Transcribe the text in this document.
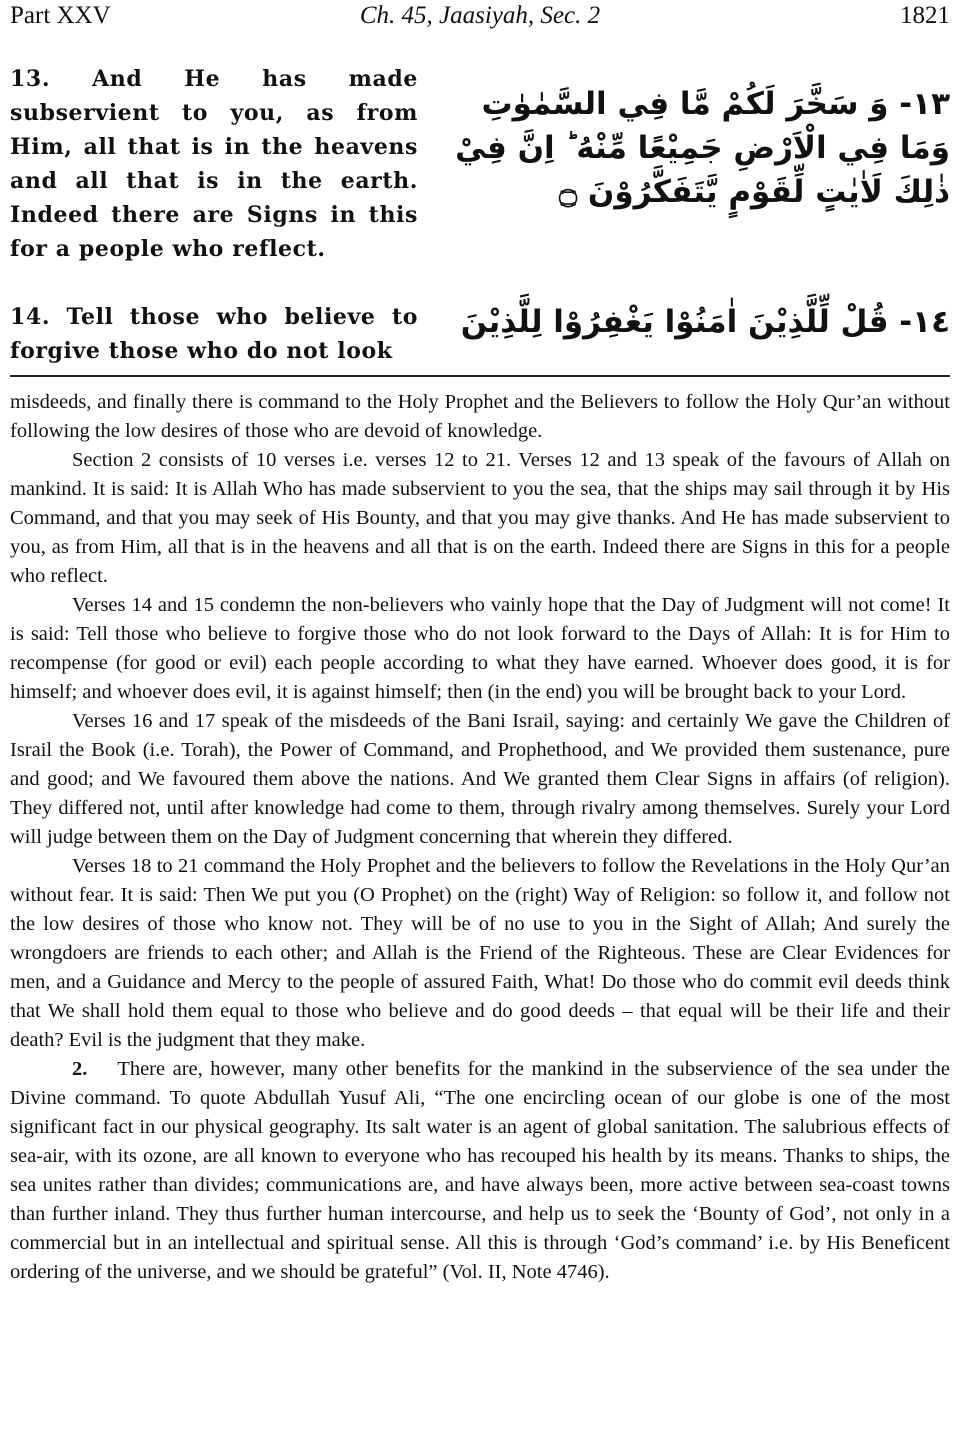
Part XXV	Ch. 45, Jaasiyah, Sec. 2	1821
13. And He has made subservient to you, as from Him, all that is in the heavens and all that is in the earth. Indeed there are Signs in this for a people who reflect.
١٣- وَ سَخَّرَ لَكُمْ مَّا فِي السَّمٰوٰتِ وَمَا فِي الْاَرْضِ جَمِيْعًا مِّنْهُ ؕ اِنَّ فِيْ ذٰلِكَ لَاٰيٰتٍ لِّقَوْمٍ يَّتَفَكَّرُوْنَ ۝
14. Tell those who believe to forgive those who do not look
١٤- قُلْ لِّلَّذِيْنَ اٰمَنُوْا يَغْفِرُوْا لِلَّذِيْنَ

misdeeds, and finally there is command to the Holy Prophet and the Believers to follow the Holy Qur’an without following the low desires of those who are devoid of knowledge.

Section 2 consists of 10 verses i.e. verses 12 to 21. Verses 12 and 13 speak of the favours of Allah on mankind. It is said: It is Allah Who has made subservient to you the sea, that the ships may sail through it by His Command, and that you may seek of His Bounty, and that you may give thanks. And He has made subservient to you, as from Him, all that is in the heavens and all that is on the earth. Indeed there are Signs in this for a people who reflect.

Verses 14 and 15 condemn the non-believers who vainly hope that the Day of Judgment will not come! It is said: Tell those who believe to forgive those who do not look forward to the Days of Allah: It is for Him to recompense (for good or evil) each people according to what they have earned. Whoever does good, it is for himself; and whoever does evil, it is against himself; then (in the end) you will be brought back to your Lord.

Verses 16 and 17 speak of the misdeeds of the Bani Israil, saying: and certainly We gave the Children of Israil the Book (i.e. Torah), the Power of Command, and Prophethood, and We provided them sustenance, pure and good; and We favoured them above the nations. And We granted them Clear Signs in affairs (of religion). They differed not, until after knowledge had come to them, through rivalry among themselves. Surely your Lord will judge between them on the Day of Judgment concerning that wherein they differed.

Verses 18 to 21 command the Holy Prophet and the believers to follow the Revelations in the Holy Qur’an without fear. It is said: Then We put you (O Prophet) on the (right) Way of Religion: so follow it, and follow not the low desires of those who know not. They will be of no use to you in the Sight of Allah; And surely the wrongdoers are friends to each other; and Allah is the Friend of the Righteous. These are Clear Evidences for men, and a Guidance and Mercy to the people of assured Faith, What! Do those who do commit evil deeds think that We shall hold them equal to those who believe and do good deeds – that equal will be their life and their death? Evil is the judgment that they make.

2. There are, however, many other benefits for the mankind in the subservience of the sea under the Divine command. To quote Abdullah Yusuf Ali, “The one encircling ocean of our globe is one of the most significant fact in our physical geography. Its salt water is an agent of global sanitation. The salubrious effects of sea-air, with its ozone, are all known to everyone who has recouped his health by its means. Thanks to ships, the sea unites rather than divides; communications are, and have always been, more active between sea-coast towns than further inland. They thus further human intercourse, and help us to seek the ‘Bounty of God’, not only in a commercial but in an intellectual and spiritual sense. All this is through ‘God’s command’ i.e. by His Beneficent ordering of the universe, and we should be grateful” (Vol. II, Note 4746).
